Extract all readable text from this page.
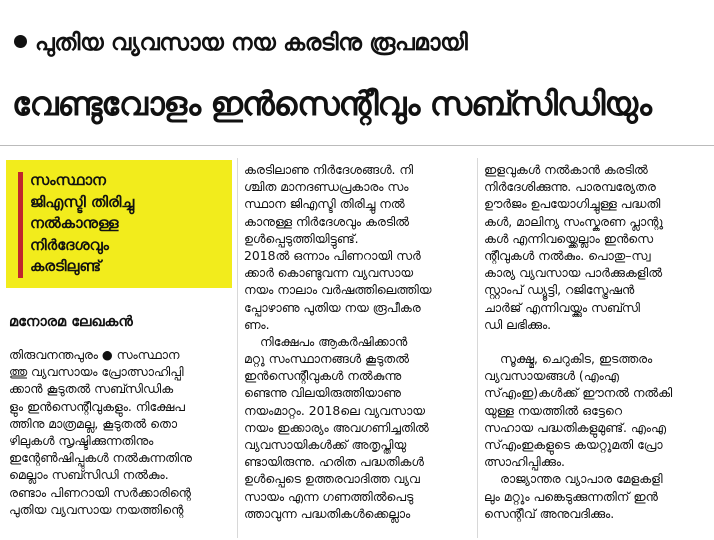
പുതിയ വ്യവസായ നയ കരടിനു രൂപമായി
വേണ്ടുവോളം ഇൻസെന്റീവും സബ്സിഡിയും
സംസ്ഥാന
ജിഎസ്ടി തിരിച്ചു
നൽകാനുള്ള
നിർദേശവും
കരടിലുണ്ട്
മനോരമ ലേഖകൻ
തിരുവനന്തപുരം ● സംസ്ഥാന
ത്തു വ്യവസായം പ്രോത്സാഹിപ്പി
ക്കാൻ കൂടുതൽ സബ്സിഡിക
ളും ഇൻസെന്റീവുകളും. നിക്ഷേപ
ത്തിനു മാത്രമല്ല, കൂടുതൽ തൊ
ഴിലുകൾ സൃഷ്ടിക്കുന്നതിനും
ഇന്റേൺഷിപ്പുകൾ നൽകുന്നതിനു
മെല്ലാം സബ്സിഡി നൽകും.
രണ്ടാം പിണറായി സർക്കാരിന്റെ
പുതിയ വ്യവസായ നയത്തിന്റെ
കരടിലാണു നിർദേശങ്ങൾ. നി
ശ്ചിത മാനദണ്ഡപ്രകാരം സം
സ്ഥാന ജിഎസ്ടി തിരിച്ചു നൽ
കാനുള്ള നിർദേശവും കരടിൽ
ഉൾപ്പെടുത്തിയിട്ടുണ്ട്.
2018ൽ ഒന്നാം പിണറായി സർ
ക്കാർ കൊണ്ടുവന്ന വ്യവസായ
നയം നാലാം വർഷത്തിലെത്തിയ
പ്പോഴാണു പുതിയ നയ രൂപീകര
ണം.
നിക്ഷേപം ആകർഷിക്കാൻ
മറ്റു സംസ്ഥാനങ്ങൾ കൂടുതൽ
ഇൻസെന്റീവുകൾ നൽകുന്നു
ണ്ടെന്നു വിലയിരുത്തിയാണു
നയംമാറ്റം. 2018ലെ വ്യവസായ
നയം ഇക്കാര്യം അവഗണിച്ചതിൽ
വ്യവസായികൾക്ക് അതൃപ്തിയു
ണ്ടായിരുന്നു. ഹരിത പദ്ധതികൾ
ഉൾപ്പെടെ ഉത്തരവാദിത്ത വ്യവ
സായം എന്ന ഗണത്തിൽപെടു
ത്താവുന്ന പദ്ധതികൾക്കെല്ലാം
ഇളവുകൾ നൽകാൻ കരടിൽ
നിർദേശിക്കുന്നു. പാരമ്പര്യേതര
ഊർജം ഉപയോഗിച്ചുള്ള പദ്ധതി
കൾ, മാലിന്യ സംസ്കരണ പ്ലാന്റു
കൾ എന്നിവയ്ക്കെല്ലാം ഇൻസെ
ന്റീവുകൾ നൽകും. പൊതു–സ്വ
കാര്യ വ്യവസായ പാർക്കുകളിൽ
സ്റ്റാംപ് ഡ്യൂട്ടി, റജിസ്ട്രേഷൻ
ചാർജ് എന്നിവയ്ക്കും സബ്സി
ഡി ലഭിക്കും.
സൂക്ഷ്മ, ചെറുകിട, ഇടത്തരം
വ്യവസായങ്ങൾ (എംഎ
സ്എംഇ)കൾക്ക് ഈനൽ നൽകി
യുള്ള നയത്തിൽ ഒട്ടേറെ
സഹായ പദ്ധതികളുമുണ്ട്. എംഎ
സ്എംഇകളുടെ കയറ്റുമതി പ്രോ
ത്സാഹിപ്പിക്കും.
രാജ്യാന്തര വ്യാപാര മേളകളി
ലും മറ്റും പങ്കെടുക്കുന്നതിന് ഇൻ
സെന്റീവ് അനുവദിക്കും.
